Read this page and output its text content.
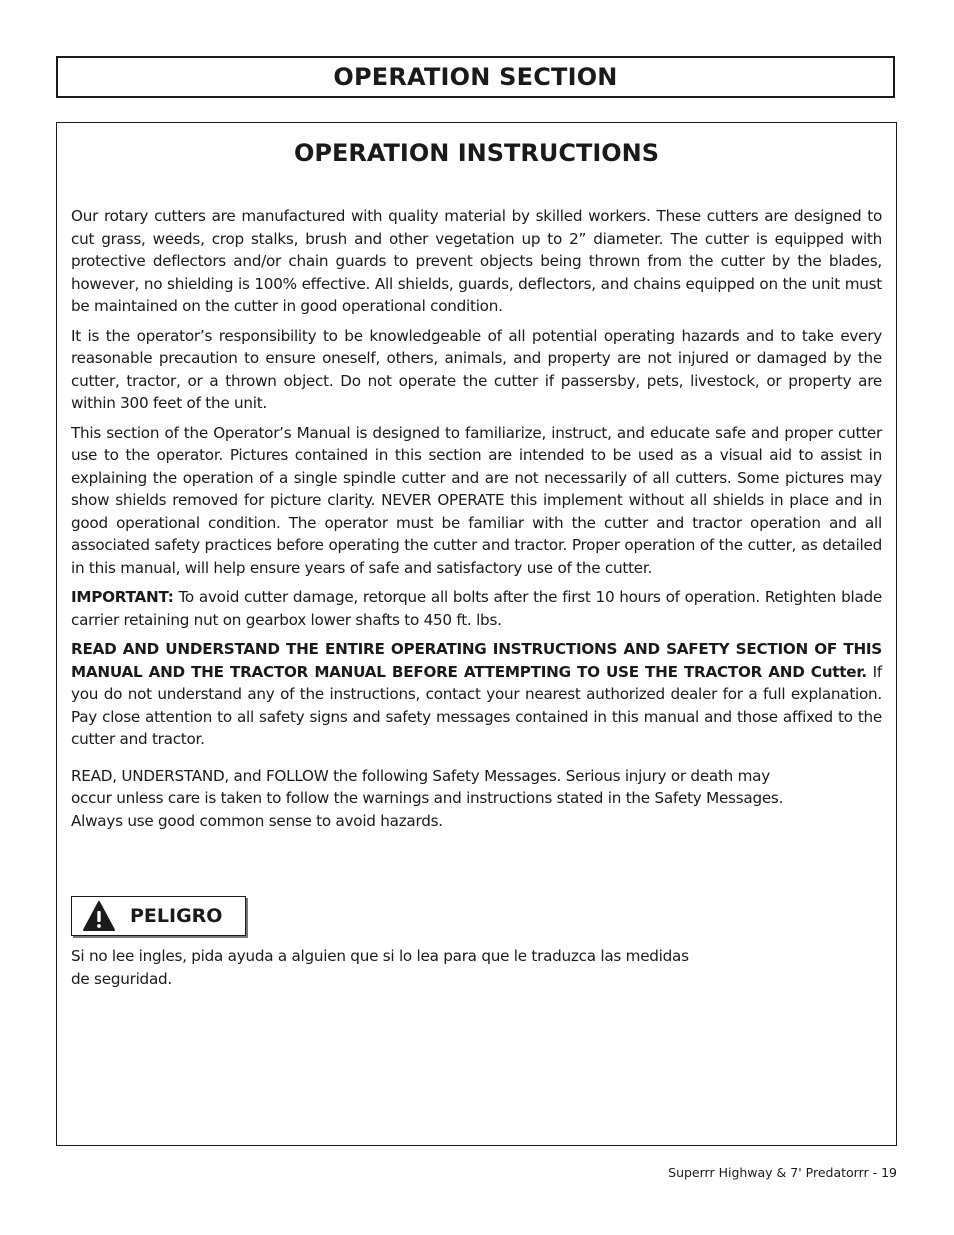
OPERATION SECTION
OPERATION INSTRUCTIONS

Our rotary cutters are manufactured with quality material by skilled workers. These cutters are designed to cut grass, weeds, crop stalks, brush and other vegetation up to 2” diameter. The cutter is equipped with protective deflectors and/or chain guards to prevent objects being thrown from the cutter by the blades, however, no shielding is 100% effective. All shields, guards, deflectors, and chains equipped on the unit must be maintained on the cutter in good operational condition.

It is the operator’s responsibility to be knowledgeable of all potential operating hazards and to take every reasonable precaution to ensure oneself, others, animals, and property are not injured or damaged by the cutter, tractor, or a thrown object. Do not operate the cutter if passersby, pets, livestock, or property are within 300 feet of the unit.

This section of the Operator’s Manual is designed to familiarize, instruct, and educate safe and proper cutter use to the operator. Pictures contained in this section are intended to be used as a visual aid to assist in explaining the operation of a single spindle cutter and are not necessarily of all cutters. Some pictures may show shields removed for picture clarity. NEVER OPERATE this implement without all shields in place and in good operational condition. The operator must be familiar with the cutter and tractor operation and all associated safety practices before operating the cutter and tractor. Proper operation of the cutter, as detailed in this manual, will help ensure years of safe and satisfactory use of the cutter.

IMPORTANT: To avoid cutter damage, retorque all bolts after the first 10 hours of operation. Retighten blade carrier retaining nut on gearbox lower shafts to 450 ft. lbs.

READ AND UNDERSTAND THE ENTIRE OPERATING INSTRUCTIONS AND SAFETY SECTION OF THIS MANUAL AND THE TRACTOR MANUAL BEFORE ATTEMPTING TO USE THE TRACTOR AND Cutter. If you do not understand any of the instructions, contact your nearest authorized dealer for a full explanation. Pay close attention to all safety signs and safety messages contained in this manual and those affixed to the cutter and tractor.

READ, UNDERSTAND, and FOLLOW the following Safety Messages. Serious injury or death may occur unless care is taken to follow the warnings and instructions stated in the Safety Messages. Always use good common sense to avoid hazards.

PELIGRO

Si no lee ingles, pida ayuda a alguien que si lo lea para que le traduzca las medidas de seguridad.

Superrr Highway & 7' Predatorrr - 19
